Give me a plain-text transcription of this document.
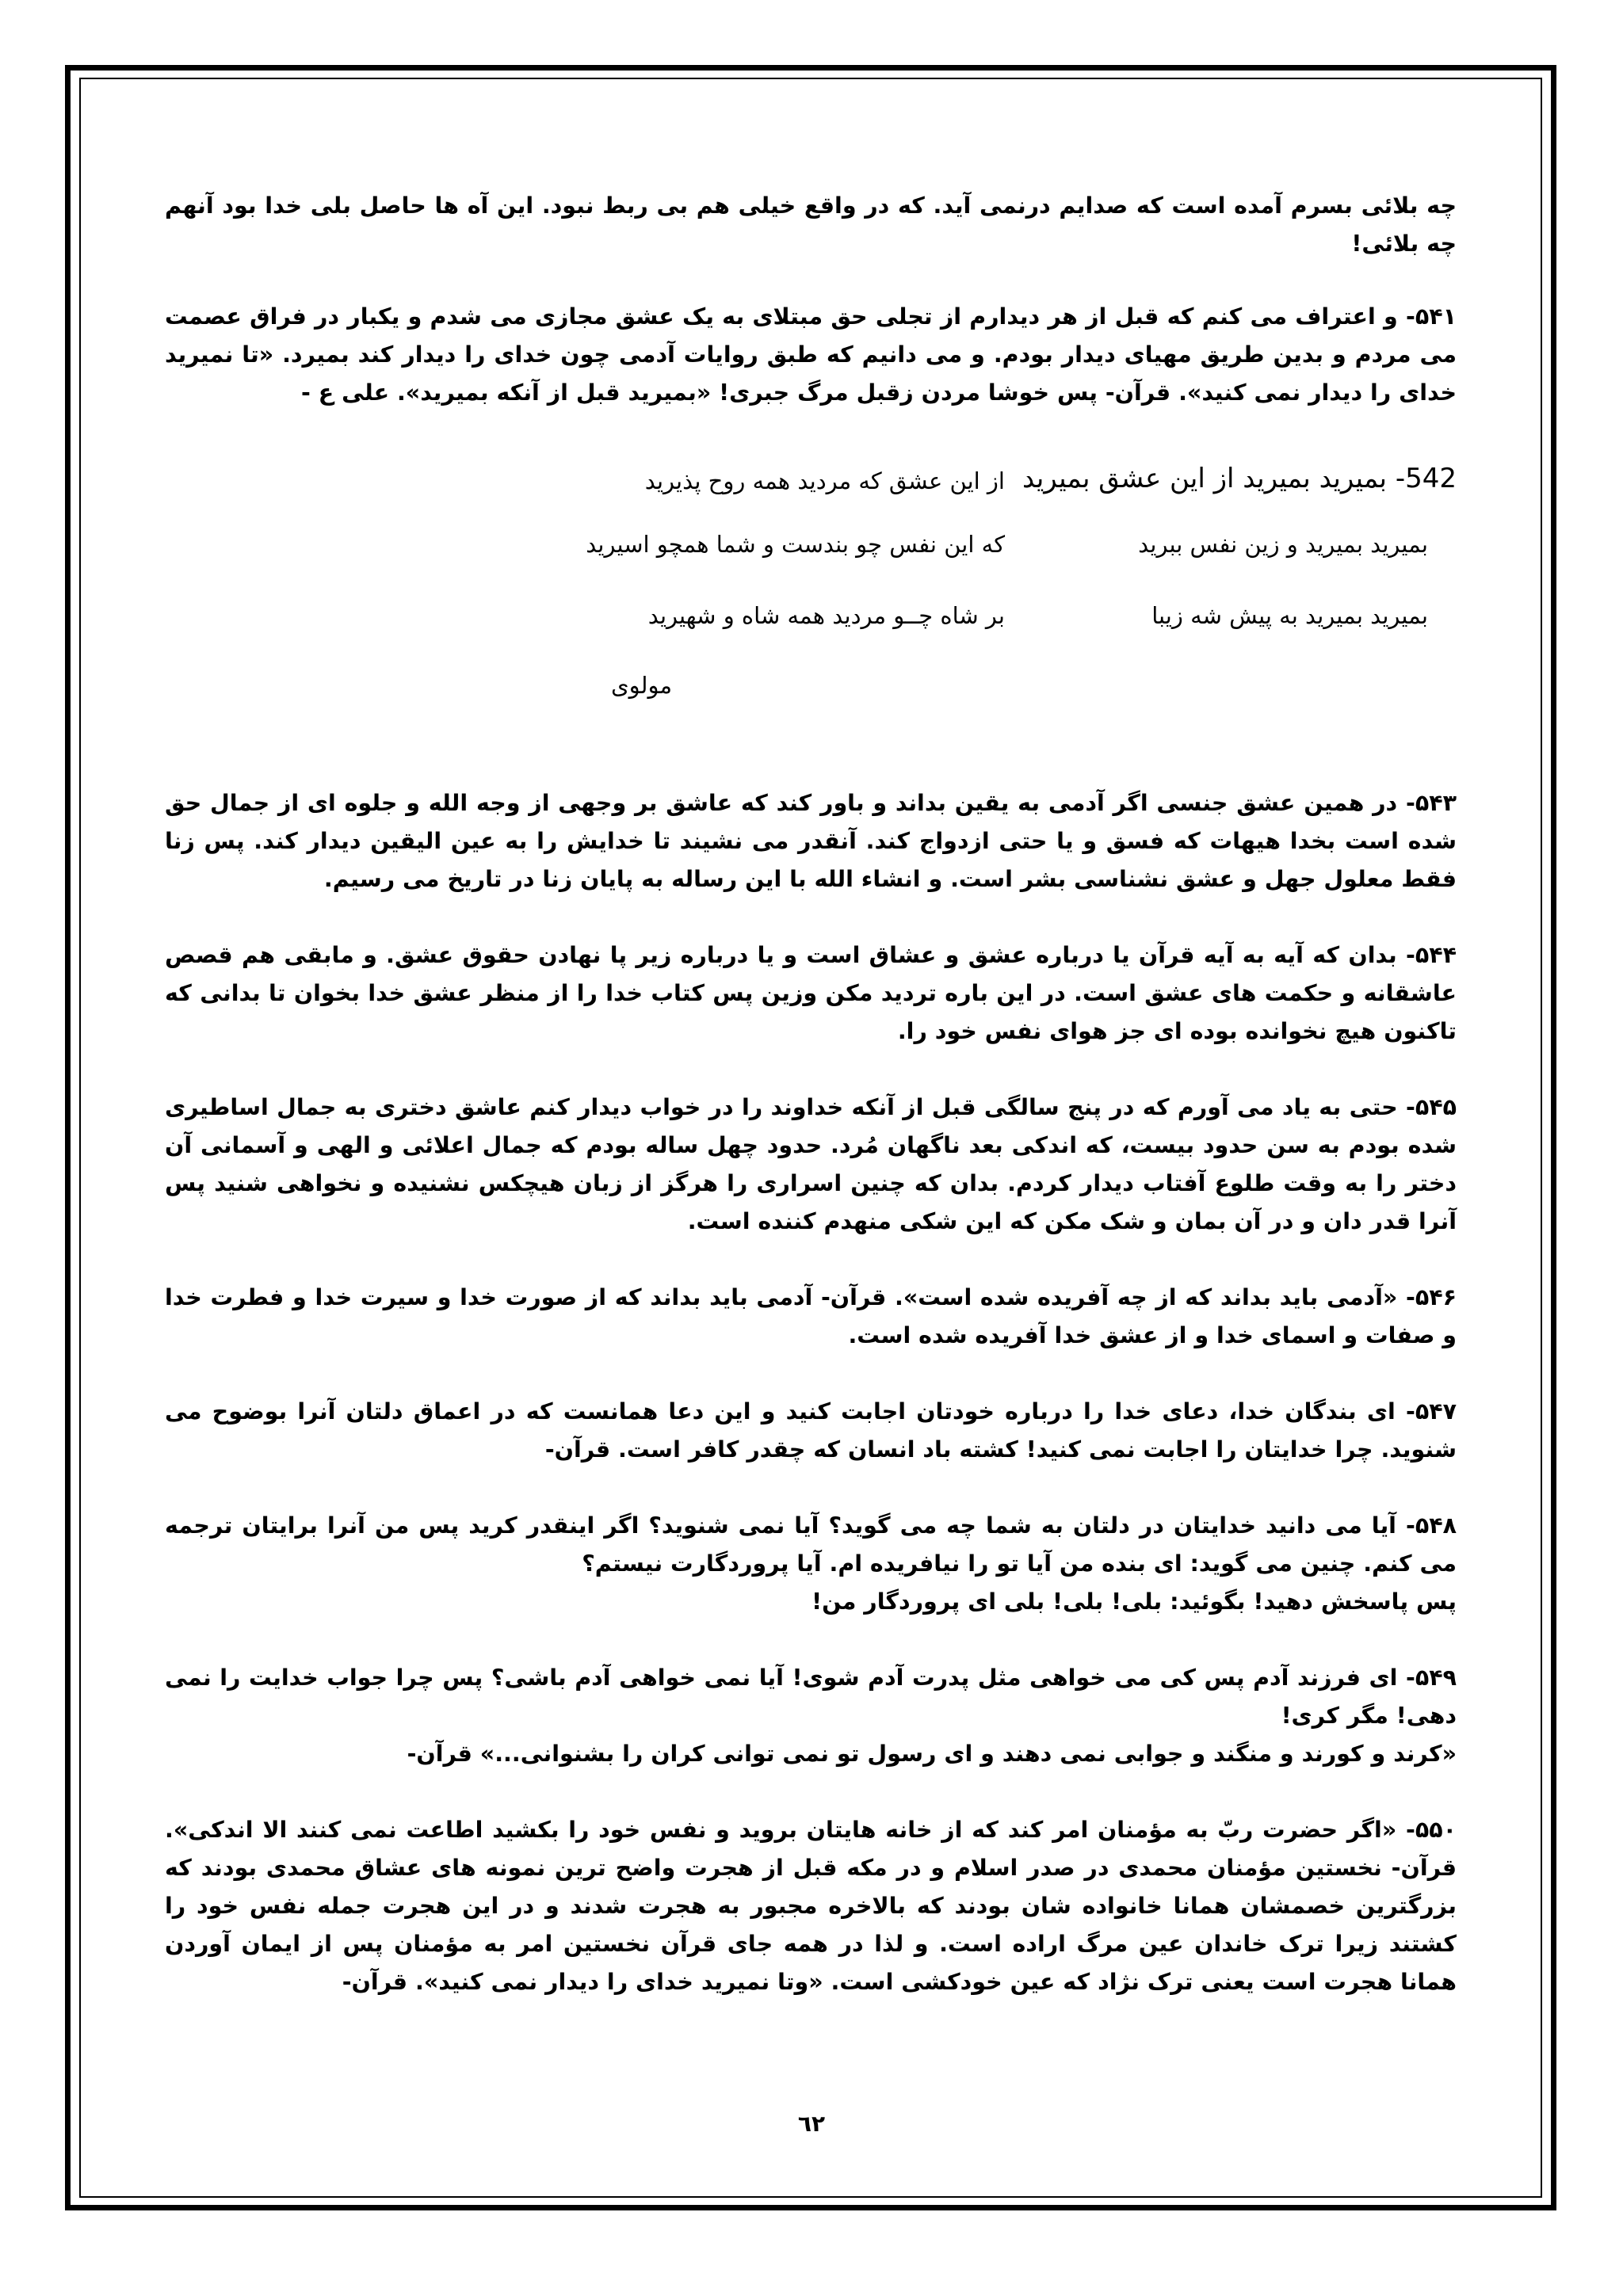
چه بلائی بسرم آمده است که صدایم درنمی آید. که در واقع خیلی هم بی ربط نبود. این آه ها حاصل بلی خدا بود آنهم چه بلائی!

۵۴۱- و اعتراف می کنم که قبل از هر دیدارم از تجلی حق مبتلای به یک عشق مجازی می شدم و یکبار در فراق عصمت می مردم و بدین طریق مهیای دیدار بودم. و می دانیم که طبق روایات آدمی چون خدای را دیدار کند بمیرد. «تا نمیرید خدای را دیدار نمی کنید». قرآن- پس خوشا مردن زقبل مرگ جبری! «بمیرید قبل از آنکه بمیرید». علی ع -

542- بمیرید بمیرید از این عشق بمیرید
از این عشق که مردید همه روح پذیرید
بمیرید بمیرید و زین نفس ببرید
که این نفس چو بندست و شما همچو اسیرید
بمیرید بمیرید به پیش شه زیبا
بر شاه چــو مردید همه شاه و شهیرید
مولوی

۵۴۳- در همین عشق جنسی اگر آدمی به یقین بداند و باور کند که عاشق بر وجهی از وجه الله و جلوه ای از جمال حق شده است بخدا هیهات که فسق و یا حتی ازدواج کند. آنقدر می نشیند تا خدایش را به عین الیقین دیدار کند. پس زنا فقط معلول جهل و عشق نشناسی بشر است. و انشاء الله با این رساله به پایان زنا در تاریخ می رسیم.

۵۴۴- بدان که آیه به آیه قرآن یا درباره عشق و عشاق است و یا درباره زیر پا نهادن حقوق عشق. و مابقی هم قصص عاشقانه و حکمت های عشق است. در این باره تردید مکن وزین پس کتاب خدا را از منظر عشق خدا بخوان تا بدانی که تاکنون هیچ نخوانده بوده ای جز هوای نفس خود را.

۵۴۵- حتی به یاد می آورم که در پنج سالگی قبل از آنکه خداوند را در خواب دیدار کنم عاشق دختری به جمال اساطیری شده بودم به سن حدود بیست، که اندکی بعد ناگهان مُرد. حدود چهل ساله بودم که جمال اعلائی و الهی و آسمانی آن دختر را به وقت طلوع آفتاب دیدار کردم. بدان که چنین اسراری را هرگز از زبان هیچکس نشنیده و نخواهی شنید پس آنرا قدر دان و در آن بمان و شک مکن که این شکی منهدم کننده است.

۵۴۶- «آدمی باید بداند که از چه آفریده شده است». قرآن- آدمی باید بداند که از صورت خدا و سیرت خدا و فطرت خدا و صفات و اسمای خدا و از عشق خدا آفریده شده است.

۵۴۷- ای بندگان خدا، دعای خدا را درباره خودتان اجابت کنید و این دعا همانست که در اعماق دلتان آنرا بوضوح می شنوید. چرا خدایتان را اجابت نمی کنید! کشته باد انسان که چقدر کافر است. قرآن-

۵۴۸- آیا می دانید خدایتان در دلتان به شما چه می گوید؟ آیا نمی شنوید؟ اگر اینقدر کرید پس من آنرا برایتان ترجمه می کنم. چنین می گوید: ای بنده من آیا تو را نیافریده ام. آیا پروردگارت نیستم؟

پس پاسخش دهید! بگوئید: بلی! بلی! بلی ای پروردگار من!

۵۴۹- ای فرزند آدم پس کی می خواهی مثل پدرت آدم شوی! آیا نمی خواهی آدم باشی؟ پس چرا جواب خدایت را نمی دهی! مگر کری!

«کرند و کورند و منگند و جوابی نمی دهند و ای رسول تو نمی توانی کران را بشنوانی...» قرآن-

۵۵۰- «اگر حضرت ربّ به مؤمنان امر کند که از خانه هایتان بروید و نفس خود را بکشید اطاعت نمی کنند الا اندکی». قرآن- نخستین مؤمنان محمدی در صدر اسلام و در مکه قبل از هجرت واضح ترین نمونه های عشاق محمدی بودند که بزرگترین خصمشان همانا خانواده شان بودند که بالاخره مجبور به هجرت شدند و در این هجرت جمله نفس خود را کشتند زیرا ترک خاندان عین مرگ اراده است. و لذا در همه جای قرآن نخستین امر به مؤمنان پس از ایمان آوردن همانا هجرت است یعنی ترک نژاد که عین خودکشی است. «وتا نمیرید خدای را دیدار نمی کنید». قرآن-

٦٢
